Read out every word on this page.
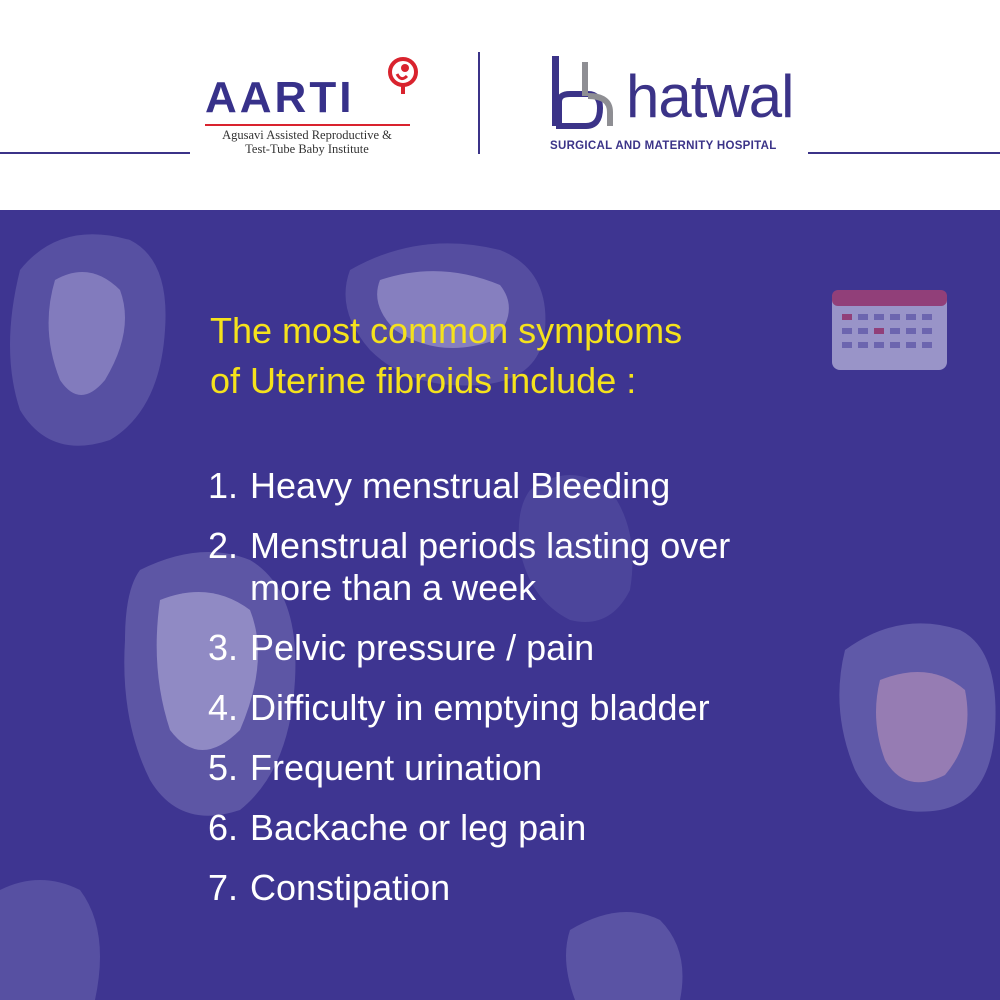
AARTI
Agusavi Assisted Reproductive &
Test-Tube Baby Institute
hatwal
SURGICAL AND MATERNITY HOSPITAL
The most common symptoms
of Uterine fibroids include :
1. Heavy menstrual Bleeding
2. Menstrual periods lasting over more than a week
3. Pelvic pressure / pain
4. Difficulty in emptying bladder
5. Frequent urination
6. Backache or leg pain
7. Constipation
